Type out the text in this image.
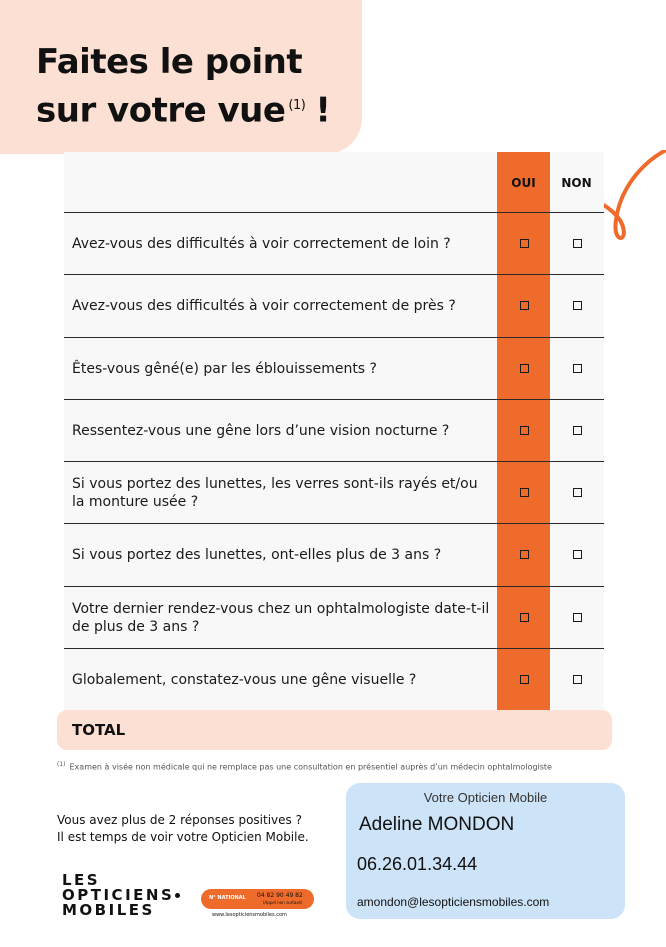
Faites le point
sur votre vue $^{(1)}$ !
OUI	NON
Avez-vous des difficultés à voir correctement de loin ?
Avez-vous des difficultés à voir correctement de près ?
Êtes-vous gêné(e) par les éblouissements ?
Ressentez-vous une gêne lors d’une vision nocturne ?
Si vous portez des lunettes, les verres sont-ils rayés et/ou la monture usée ?
Si vous portez des lunettes, ont-elles plus de 3 ans ?
Votre dernier rendez-vous chez un ophtalmologiste date-t-il de plus de 3 ans ?
Globalement, constatez-vous une gêne visuelle ?
TOTAL
$^{(1)}$ Examen à visée non médicale qui ne remplace pas une consultation en présentiel auprès d’un médecin ophtalmologiste
Vous avez plus de 2 réponses positives ?
Il est temps de voir votre Opticien Mobile.
Votre Opticien Mobile
Adeline MONDON
06.26.01.34.44
amondon@lesopticiensmobiles.com
LES
OPTICIENS
MOBILES
N° NATIONAL 04 82 90 49 82
(Appel non surtaxé)
www.lesopticiensmobiles.com
